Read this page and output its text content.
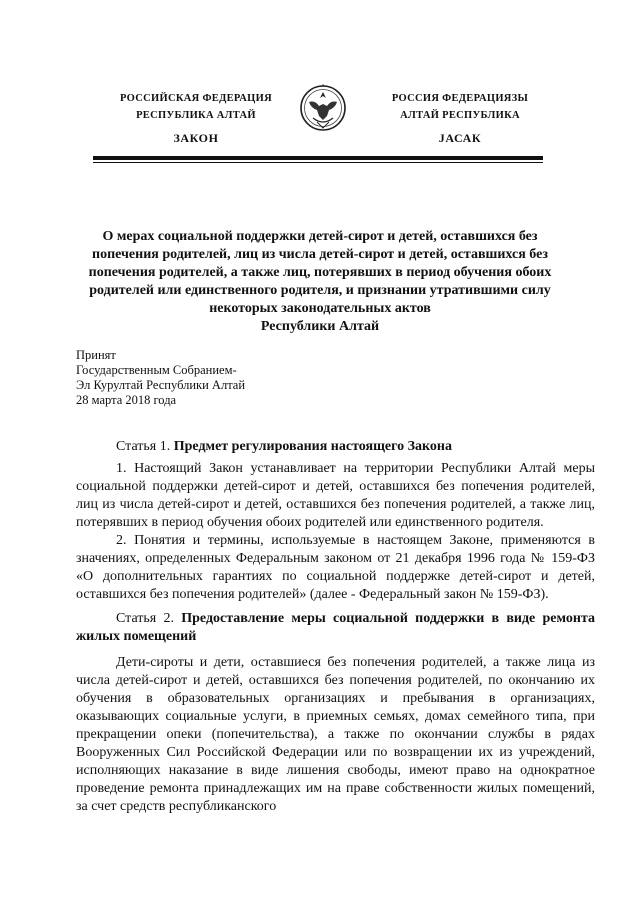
РОССИЙСКАЯ ФЕДЕРАЦИЯ
РЕСПУБЛИКА АЛТАЙ
ЗАКОН
РОССИЯ ФЕДЕРАЦИЯЗЫ
АЛТАЙ РЕСПУБЛИКА
JАСАК
О мерах социальной поддержки детей-сирот и детей, оставшихся без
попечения родителей, лиц из числа детей-сирот и детей, оставшихся без
попечения родителей, а также лиц, потерявших в период обучения обоих
родителей или единственного родителя, и признании утратившими силу
некоторых законодательных актов
Республики Алтай
Принят
Государственным Собранием-
Эл Курултай Республики Алтай
28 марта 2018 года

Статья 1. Предмет регулирования настоящего Закона

1. Настоящий Закон устанавливает на территории Республики Алтай меры социальной поддержки детей-сирот и детей, оставшихся без попечения родителей, лиц из числа детей-сирот и детей, оставшихся без попечения родителей, а также лиц, потерявших в период обучения обоих родителей или единственного родителя.

2. Понятия и термины, используемые в настоящем Законе, применяются в значениях, определенных Федеральным законом от 21 декабря 1996 года № 159-ФЗ «О дополнительных гарантиях по социальной поддержке детей-сирот и детей, оставшихся без попечения родителей» (далее - Федеральный закон № 159-ФЗ).

Статья 2. Предоставление меры социальной поддержки в виде ремонта жилых помещений

Дети-сироты и дети, оставшиеся без попечения родителей, а также лица из числа детей-сирот и детей, оставшихся без попечения родителей, по окончанию их обучения в образовательных организациях и пребывания в организациях, оказывающих социальные услуги, в приемных семьях, домах семейного типа, при прекращении опеки (попечительства), а также по окончании службы в рядах Вооруженных Сил Российской Федерации или по возвращении их из учреждений, исполняющих наказание в виде лишения свободы, имеют право на однократное проведение ремонта принадлежащих им на праве собственности жилых помещений, за счет средств республиканского
